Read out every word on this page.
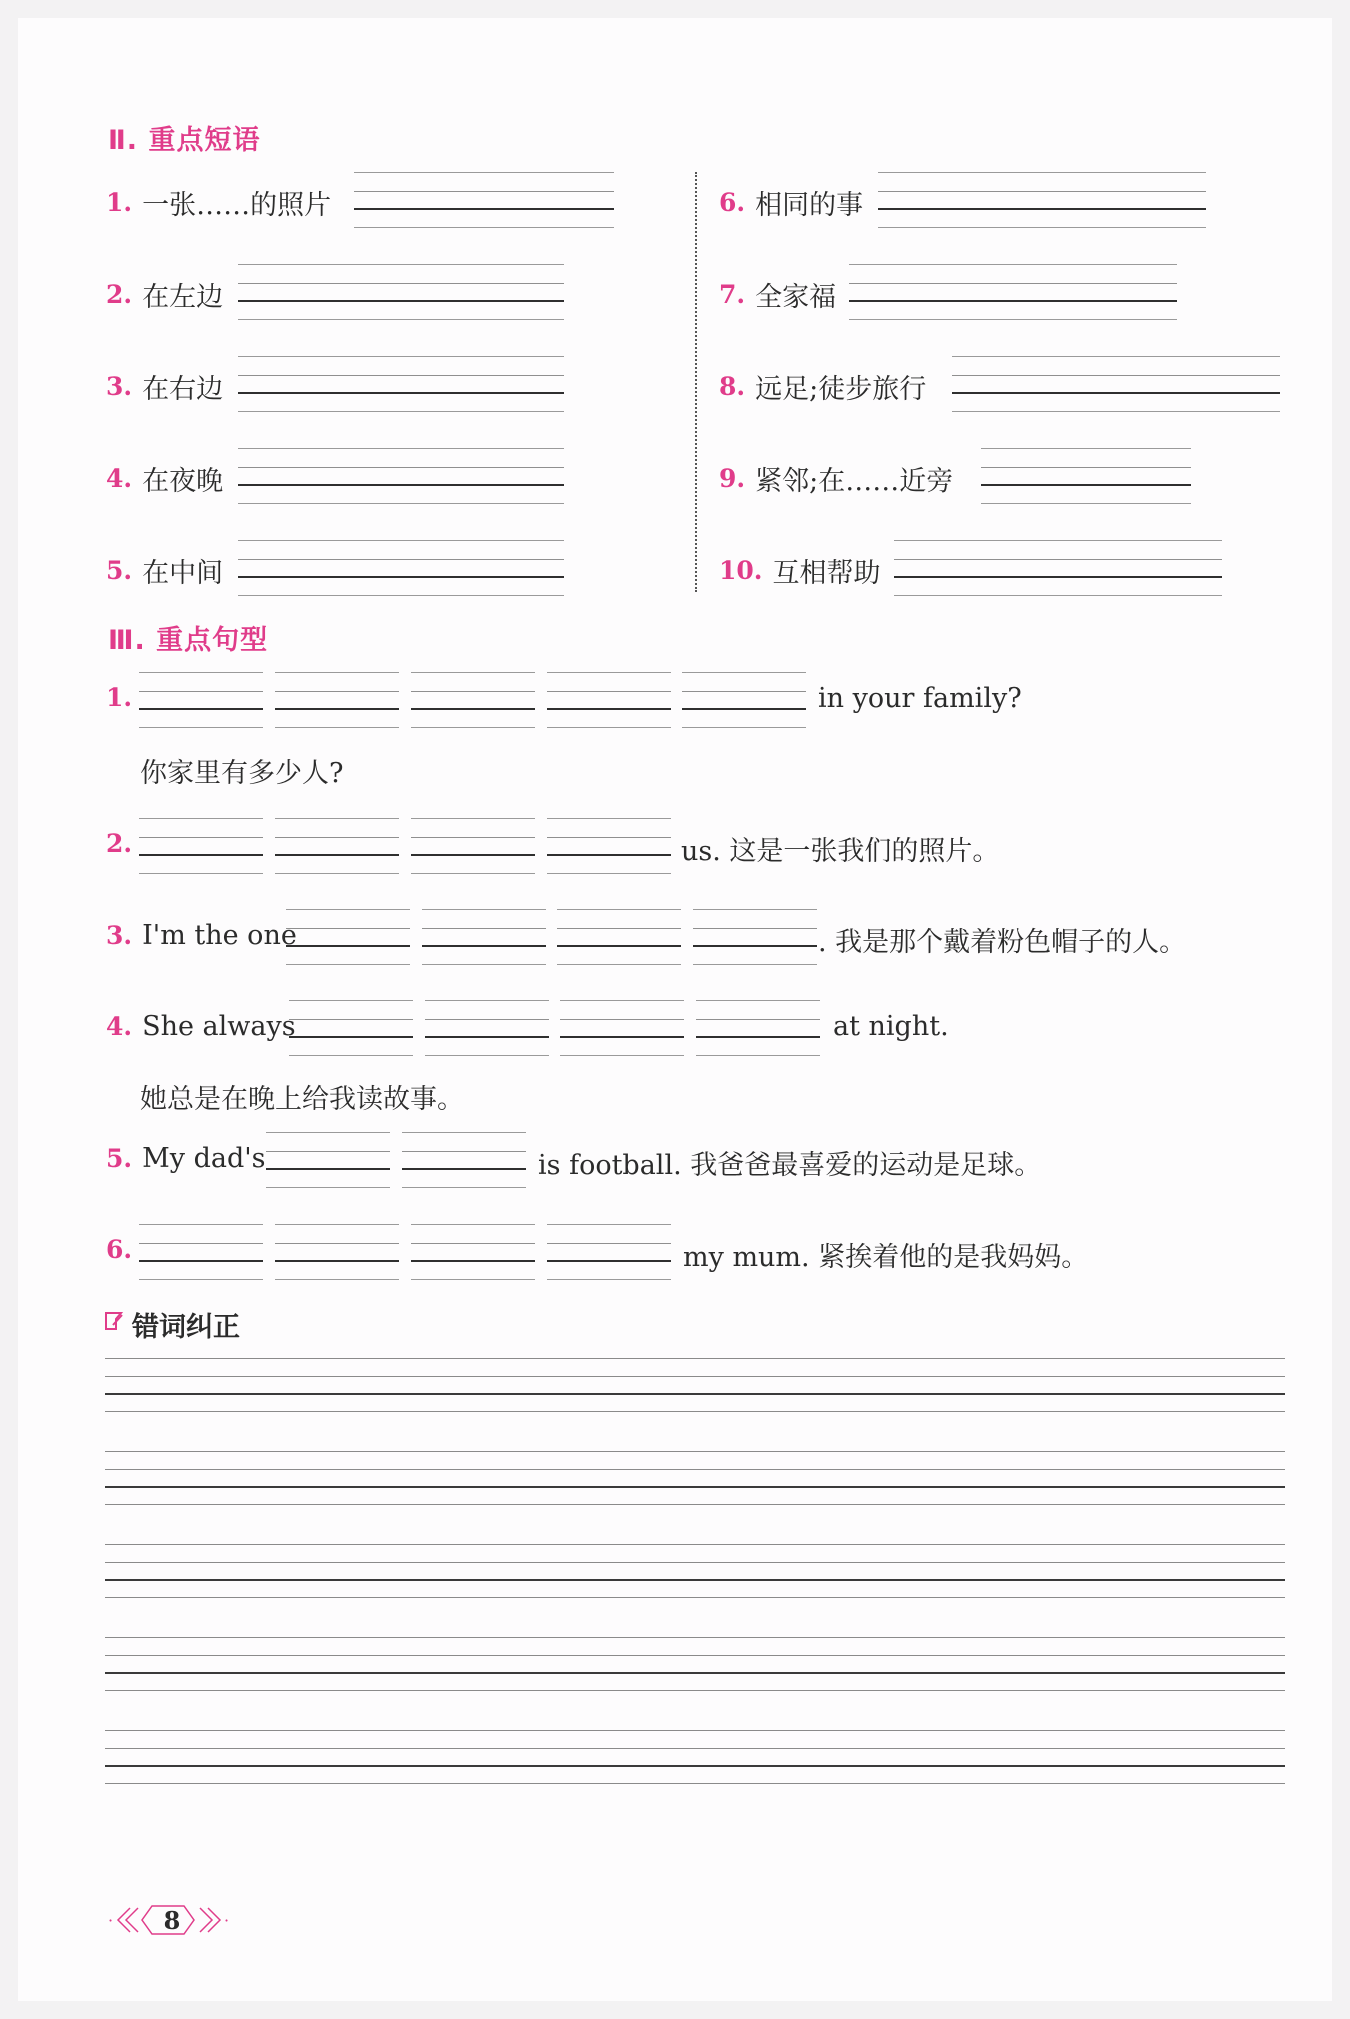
Ⅱ. 重点短语
1. 一张……的照片
2. 在左边
3. 在右边
4. 在夜晚
5. 在中间
6. 相同的事
7. 全家福
8. 远足;徒步旅行
9. 紧邻;在……近旁
10. 互相帮助
Ⅲ. 重点句型
1.	in your family?
你家里有多少人?
2.	us. 这是一张我们的照片。
3. I'm the one	. 我是那个戴着粉色帽子的人。
4. She always	at night.
她总是在晚上给我读故事。
5. My dad's	is football. 我爸爸最喜爱的运动是足球。
6.	my mum. 紧挨着他的是我妈妈。
错词纠正
·	·
8
